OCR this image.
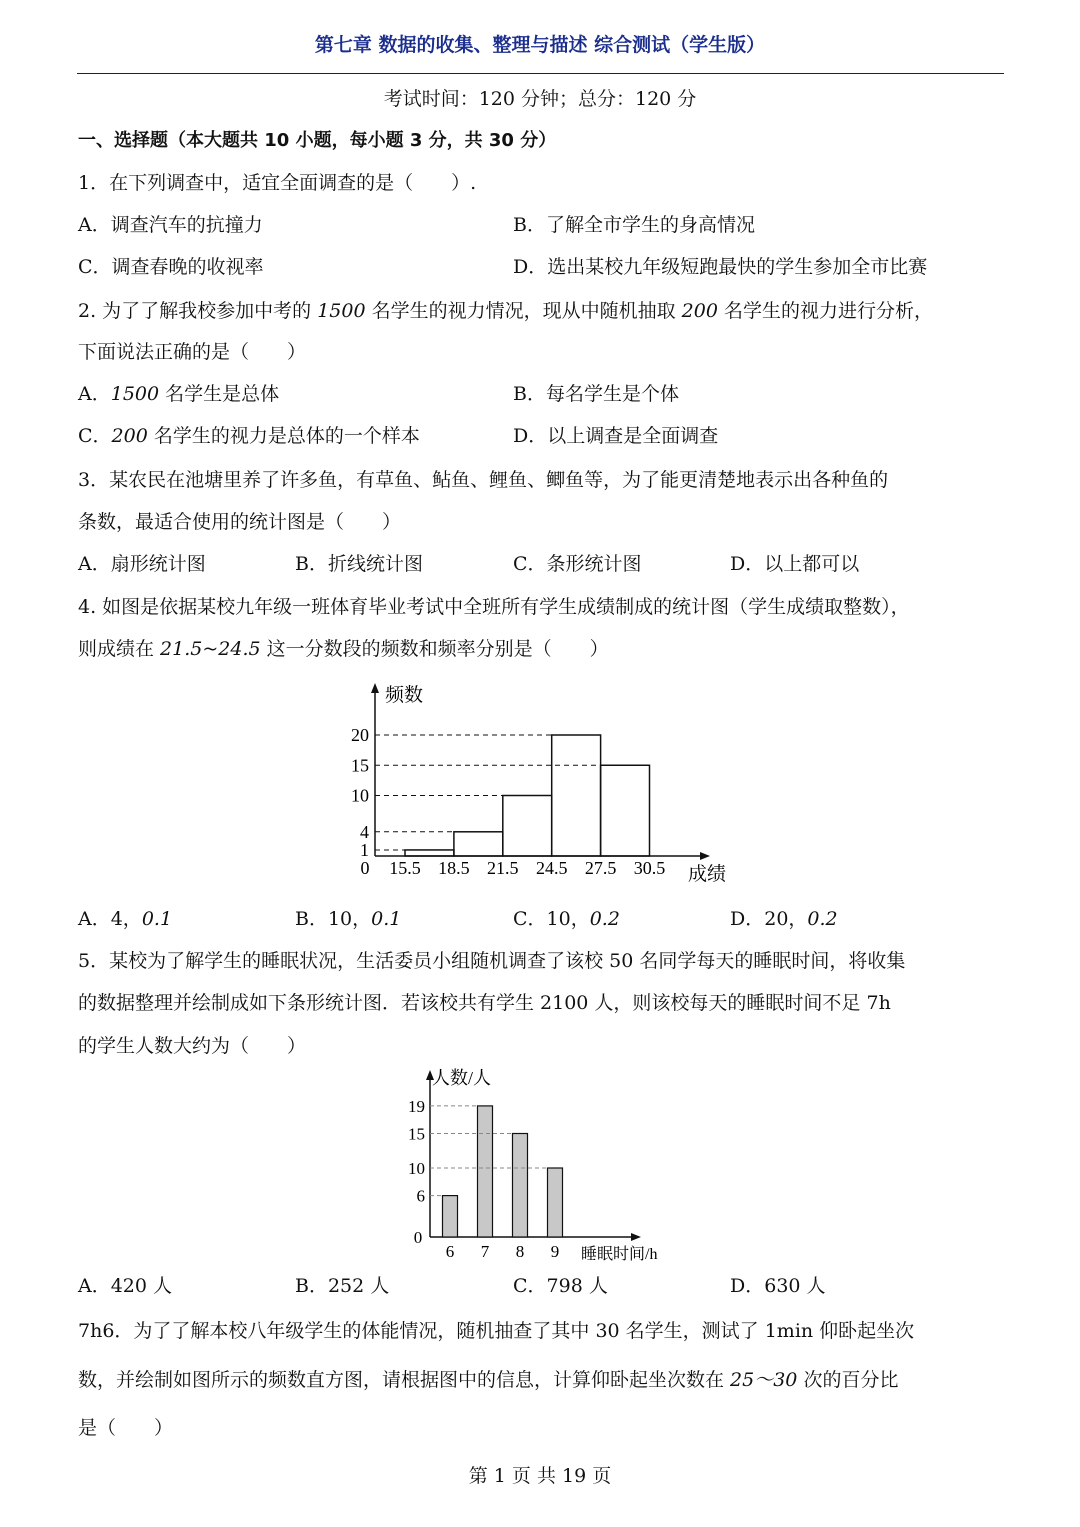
第七章 数据的收集、整理与描述 综合测试（学生版）
考试时间：120 分钟；总分：120 分
一、选择题（本大题共 10 小题，每小题 3 分，共 30 分）
1．在下列调查中，适宜全面调查的是（　　）.
A．调查汽车的抗撞力	B．了解全市学生的身高情况
C．调查春晚的收视率	D．选出某校九年级短跑最快的学生参加全市比赛
2. 为了了解我校参加中考的 1500 名学生的视力情况，现从中随机抽取 200 名学生的视力进行分析，
下面说法正确的是（　　）
A．1500 名学生是总体	B．每名学生是个体
C．200 名学生的视力是总体的一个样本	D．以上调查是全面调查
3．某农民在池塘里养了许多鱼，有草鱼、鲇鱼、鲤鱼、鲫鱼等，为了能更清楚地表示出各种鱼的
条数，最适合使用的统计图是（　　）
A．扇形统计图	B．折线统计图	C．条形统计图	D．以上都可以
4. 如图是依据某校九年级一班体育毕业考试中全班所有学生成绩制成的统计图（学生成绩取整数），
则成绩在 21.5~24.5 这一分数段的频数和频率分别是（　　）
1
4
10
15
20
0 15.5 18.5 21.5 24.5 27.5 30.5
频数
成绩
A．4，0.1	B．10，0.1	C．10，0.2	D．20，0.2
5．某校为了解学生的睡眠状况，生活委员小组随机调查了该校 50 名同学每天的睡眠时间，将收集
的数据整理并绘制成如下条形统计图．若该校共有学生 2100 人，则该校每天的睡眠时间不足 7h
的学生人数大约为（　　）
6 7 8 9
6
10
15
19
0
人数/人
睡眠时间/h
A．420 人	B．252 人	C．798 人	D．630 人
7h6．为了了解本校八年级学生的体能情况，随机抽查了其中 30 名学生，测试了 1min 仰卧起坐次
数，并绘制如图所示的频数直方图，请根据图中的信息，计算仰卧起坐次数在 25～30 次的百分比
是（　　）
第 1 页 共 19 页
